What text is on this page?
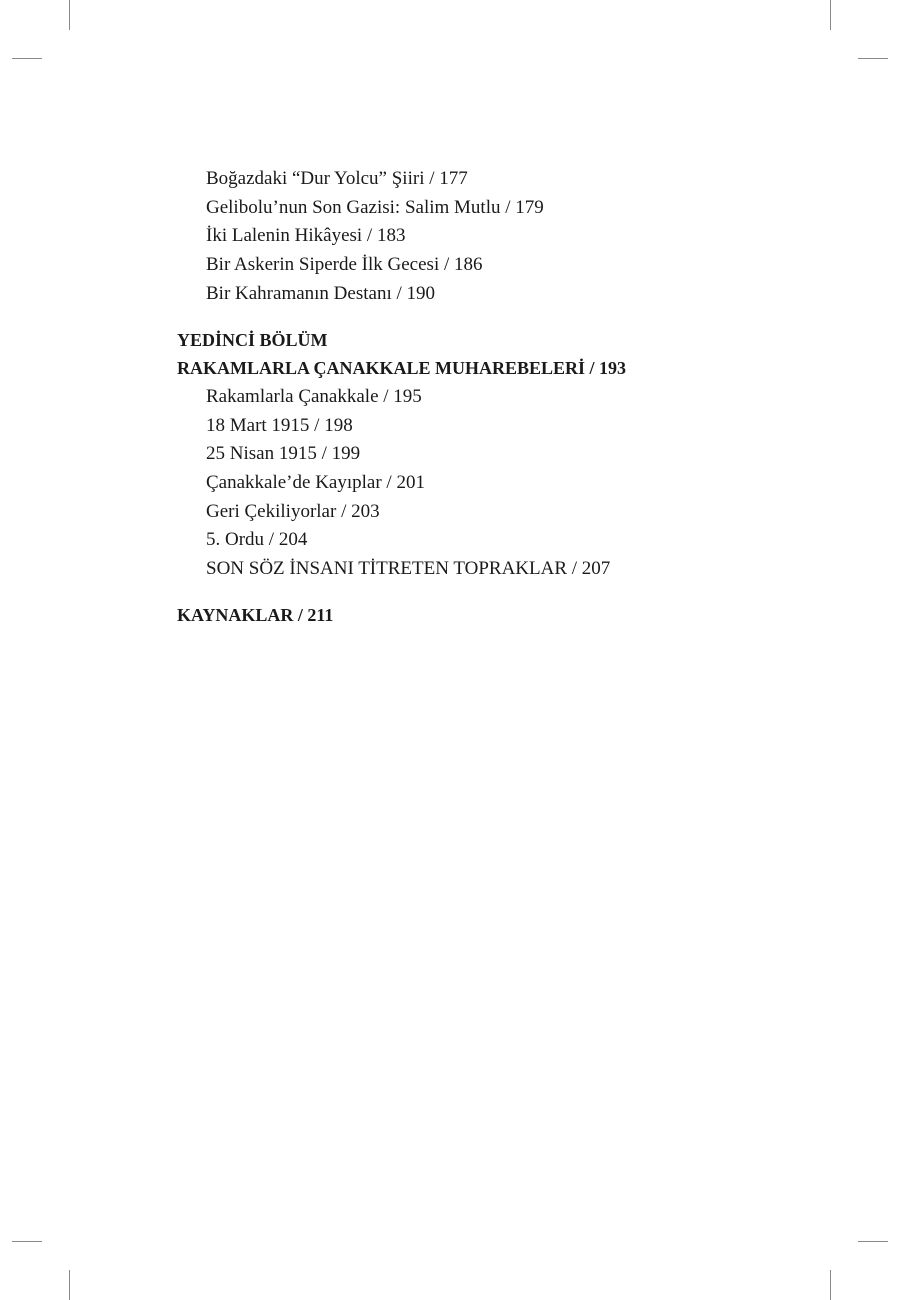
Boğazdaki “Dur Yolcu” Şiiri / 177
Gelibolu’nun Son Gazisi: Salim Mutlu / 179
İki Lalenin Hikâyesi / 183
Bir Askerin Siperde İlk Gecesi / 186
Bir Kahramanın Destanı / 190
YEDİNCİ BÖLÜM
RAKAMLARLA ÇANAKKALE MUHAREBELERİ / 193
Rakamlarla Çanakkale / 195
18 Mart 1915 / 198
25 Nisan 1915 / 199
Çanakkale’de Kayıplar / 201
Geri Çekiliyorlar / 203
5. Ordu / 204
SON SÖZ İNSANI TİTRETEN TOPRAKLAR / 207
KAYNAKLAR / 211
